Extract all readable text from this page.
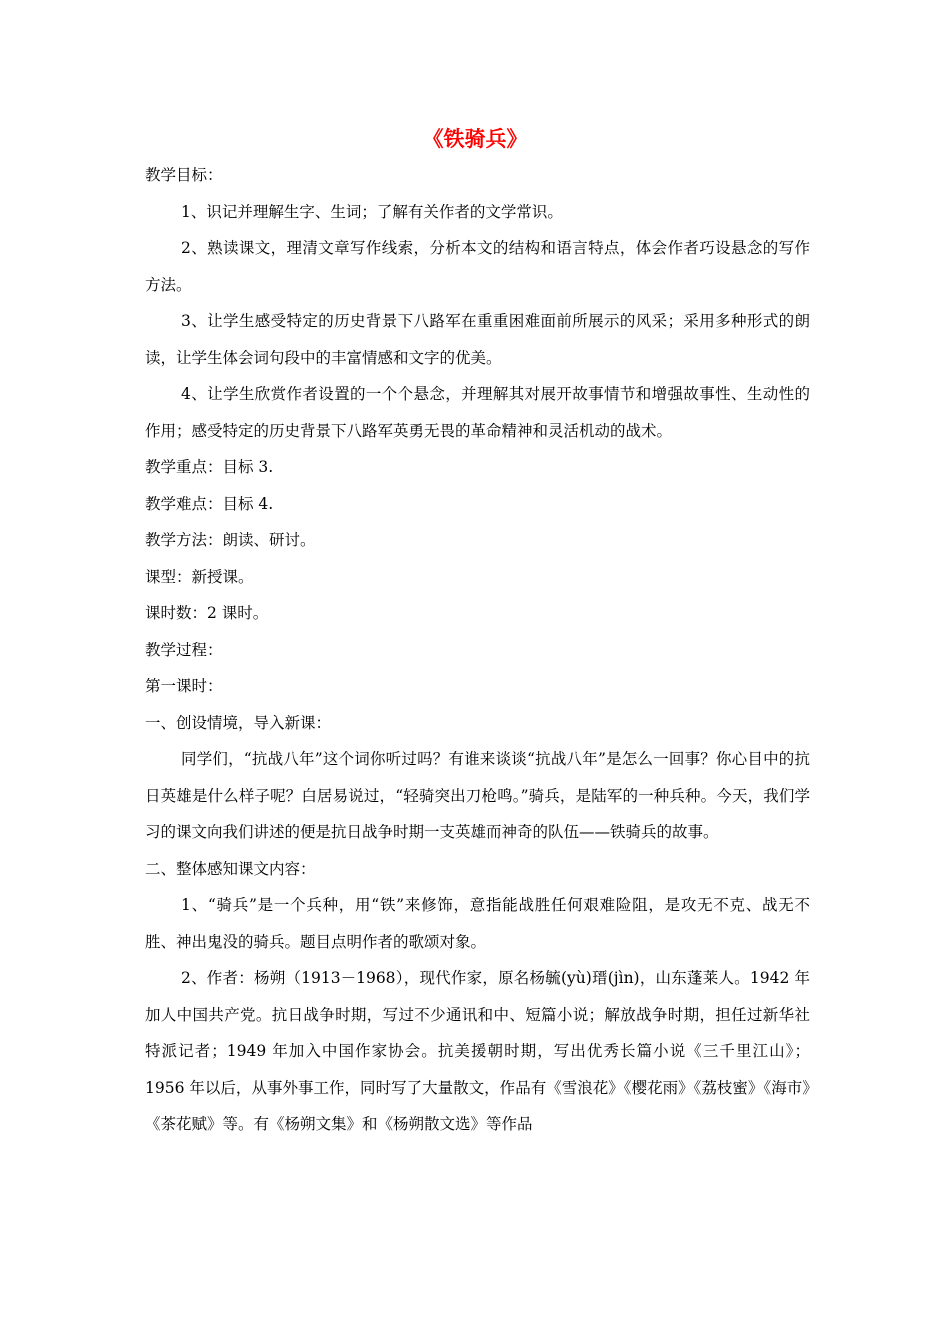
《铁骑兵》

教学目标：

1、识记并理解生字、生词；了解有关作者的文学常识。

2、熟读课文，理清文章写作线索，分析本文的结构和语言特点，体会作者巧设悬念的写作方法。

3、让学生感受特定的历史背景下八路军在重重困难面前所展示的风采；采用多种形式的朗读，让学生体会词句段中的丰富情感和文字的优美。

4、让学生欣赏作者设置的一个个悬念，并理解其对展开故事情节和增强故事性、生动性的作用；感受特定的历史背景下八路军英勇无畏的革命精神和灵活机动的战术。

教学重点：目标 3.

教学难点：目标 4.

教学方法：朗读、研讨。

课型：新授课。

课时数：2 课时。

教学过程：

第一课时：

一、创设情境，导入新课：

同学们，“抗战八年”这个词你听过吗？有谁来谈谈“抗战八年”是怎么一回事？你心目中的抗日英雄是什么样子呢？白居易说过，“轻骑突出刀枪鸣。”骑兵，是陆军的一种兵种。今天，我们学习的课文向我们讲述的便是抗日战争时期一支英雄而神奇的队伍——铁骑兵的故事。

二、整体感知课文内容：

1、“骑兵”是一个兵种，用“铁”来修饰，意指能战胜任何艰难险阻，是攻无不克、战无不胜、神出鬼没的骑兵。题目点明作者的歌颂对象。

2、作者：杨朔（1913－1968），现代作家，原名杨毓(yù)瑨(jìn)，山东蓬莱人。1942 年加人中国共产党。抗日战争时期，写过不少通讯和中、短篇小说；解放战争时期，担任过新华社特派记者；1949 年加入中国作家协会。抗美援朝时期，写出优秀长篇小说《三千里江山》；1956 年以后，从事外事工作，同时写了大量散文，作品有《雪浪花》《樱花雨》《荔枝蜜》《海市》《茶花赋》等。有《杨朔文集》和《杨朔散文选》等作品
